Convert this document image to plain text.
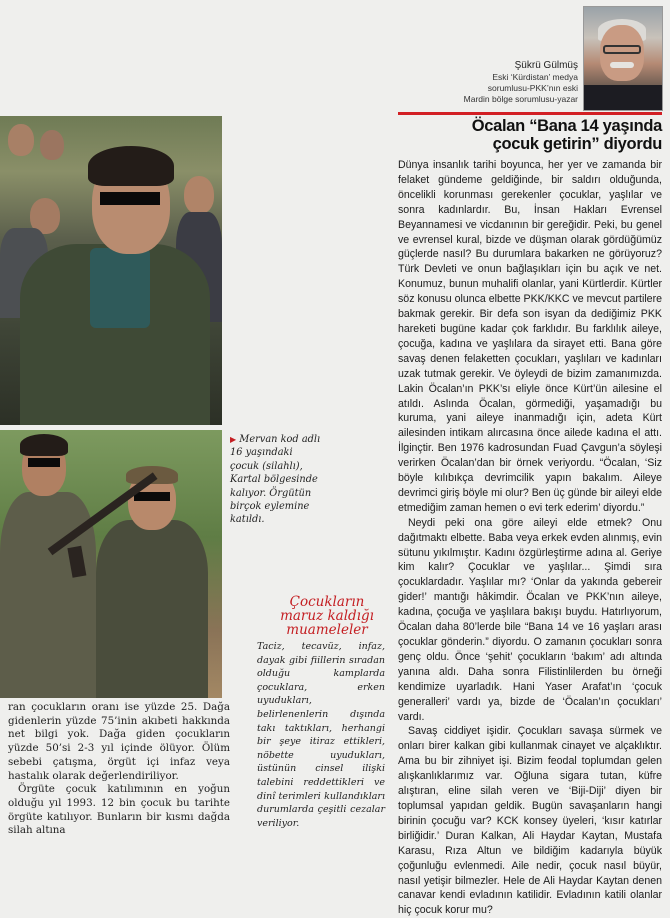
Şükrü Gülmüş
Eski ‘Kürdistan’ medya sorumlusu-PKK’nın eski Mardin bölge sorumlusu-yazar
Öcalan “Bana 14 yaşında çocuk getirin” diyordu

Dünya insanlık tarihi boyunca, her yer ve zamanda bir felaket gündeme geldiğinde, bir saldırı olduğunda, öncelikli korunması gerekenler çocuklar, yaşlılar ve sonra kadınlardır. Bu, İnsan Hakları Evrensel Beyannamesi ve vicdanının bir gereğidir. Peki, bu genel ve evrensel kural, bizde ve düşman olarak gördüğümüz güçlerde nasıl? Bu durumlara bakarken ne görüyoruz? Türk Devleti ve onun bağlaşıkları için bu açık ve net. Konumuz, bunun muhalifi olanlar, yani Kürtlerdir. Kürtler söz konusu olunca elbette PKK/KKC ve mevcut partilere bakmak gerekir. Bir defa son isyan da dediğimiz PKK hareketi bugüne kadar çok farklıdır. Bu farklılık aileye, çocuğa, kadına ve yaşlılara da sirayet etti. Bana göre savaş denen felaketten çocukları, yaşlıları ve kadınları uzak tutmak gerekir. Ve öyleydi de bizim zamanımızda. Lakin Öcalan’ın PKK’sı eliyle önce Kürt’ün ailesine el atıldı. Aslında Öcalan, görmediği, yaşamadığı bu kuruma, yani aileye inanmadığı için, adeta Kürt ailesinden intikam alırcasına önce ailede kadına el attı. İlginçtir. Ben 1976 kadrosundan Fuad Çavgun’a söyleşi verirken Öcalan’dan bir örnek veriyordu. “Öcalan, ‘Siz böyle kılıbıkça devrimcilik yapın bakalım. Aileye devrimci giriş böyle mi olur? Ben üç günde bir aileyi elde etmediğim zaman hemen o evi terk ederim’ diyordu.”

Neydi peki ona göre aileyi elde etmek? Onu dağıtmaktı elbette. Baba veya erkek evden alınmış, evin sütunu yıkılmıştır. Kadını özgürleştirme adına al. Geriye kim kalır? Çocuklar ve yaşlılar... Şimdi sıra çocuklardadır. Yaşlılar mı? ‘Onlar da yakında gebereir gider!’ mantığı hâkimdir. Öcalan ve PKK’nın aileye, kadına, çocuğa ve yaşlılara bakışı buydu. Hatırlıyorum, Öcalan daha 80’lerde bile “Bana 14 ve 16 yaşları arası çocuklar gönderin.” diyordu. O zamanın çocukları sonra genç oldu. Önce ‘şehit’ çocukların ‘bakım’ adı altında yanına aldı. Daha sonra Filistinlilerden bu örneği kendimize uyarladık. Hani Yaser Arafat’ın ‘çocuk generalleri’ vardı ya, bizde de ‘Öcalan’ın çocukları’ vardı.

Savaş ciddiyet işidir. Çocukları savaşa sürmek ve onları birer kalkan gibi kullanmak cinayet ve alçaklıktır. Ama bu bir zihniyet işi. Bizim feodal toplumdan gelen alışkanlıklarımız var. Oğluna sigara tutan, küfre alıştıran, eline silah veren ve ‘Biji-Diji’ diyen bir toplumsal yapıdan geldik. Bugün savaşanların hangi birinin çocuğu var? KCK konsey üyeleri, ‘kısır katırlar birliğidir.’ Duran Kalkan, Ali Haydar Kaytan, Mustafa Karasu, Rıza Altun ve bildiğim kadarıyla büyük çoğunluğu evlenmedi. Aile nedir, çocuk nasıl büyür, nasıl yetişir bilmezler. Hele de Ali Haydar Kaytan denen canavar kendi evladının katilidir. Evladının katili olanlar hiç çocuk korur mu?

▶ Mervan kod adlı 16 yaşındaki çocuk (silahlı), Kartal bölgesinde kalıyor. Örgütün birçok eylemine katıldı.
Çocukların maruz kaldığı muameleler
Taciz, tecavüz, infaz, dayak gibi fiillerin sıradan olduğu kamplarda çocuklara, erken uyudukları, belirlenenlerin dışında takı taktıkları, herhangi bir şeye itiraz ettikleri, nöbette uyudukları, üstünün cinsel ilişki talebini reddettikleri ve dinî terimleri kullandıkları durumlarda çeşitli cezalar veriliyor.

ran çocukların oranı ise yüzde 25. Dağa gidenlerin yüzde 75’inin akıbeti hakkında net bilgi yok. Dağa giden çocukların yüzde 50’si 2-3 yıl içinde ölüyor. Ölüm sebebi çatışma, örgüt içi infaz veya hastalık olarak değerlendiriliyor.

Örgüte çocuk katılımının en yoğun olduğu yıl 1993. 12 bin çocuk bu tarihte örgüte katılıyor. Bunların bir kısmı dağda silah altına
